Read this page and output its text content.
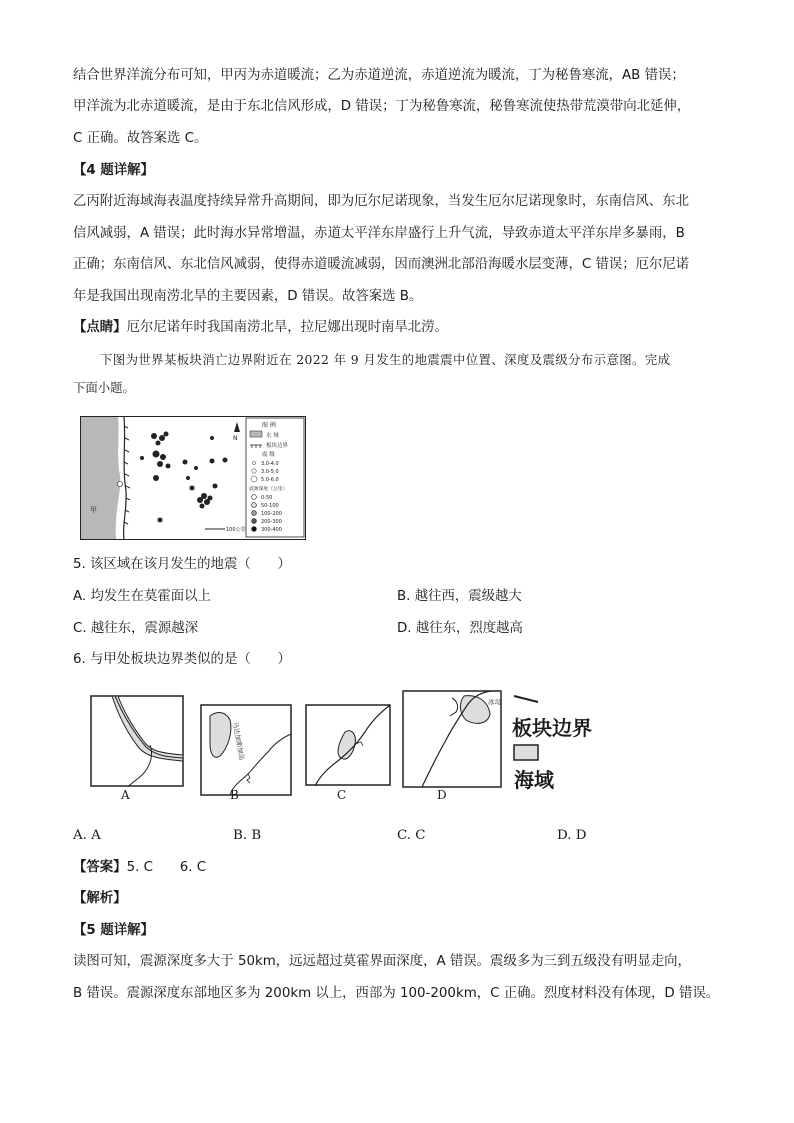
结合世界洋流分布可知，甲丙为赤道暖流；乙为赤道逆流，赤道逆流为暖流，丁为秘鲁寒流，AB 错误；
甲洋流为北赤道暖流，是由于东北信风形成，D 错误；丁为秘鲁寒流，秘鲁寒流使热带荒漠带向北延伸，
C 正确。故答案选 C。
【4 题详解】
乙丙附近海域海表温度持续异常升高期间，即为厄尔尼诺现象，当发生厄尔尼诺现象时，东南信风、东北
信风减弱，A 错误；此时海水异常增温，赤道太平洋东岸盛行上升气流，导致赤道太平洋东岸多暴雨，B
正确；东南信风、东北信风减弱，使得赤道暖流减弱，因而澳洲北部沿海暖水层变薄，C 错误；厄尔尼诺
年是我国出现南涝北旱的主要因素，D 错误。故答案选 B。
【点睛】厄尔尼诺年时我国南涝北旱，拉尼娜出现时南旱北涝。
下图为世界某板块消亡边界附近在 2022 年 9 月发生的地震震中位置、深度及震级分布示意图。完成
下面小题。
甲
N
100公里
图 例
水 域
板块边界
震 级
3.0-4.0
3.0-5.0
5.0-6.0
震源深度（公里）
0-50
50-100
100-200
200-300
300-400
5. 该区域在该月发生的地震（　　）
A. 均发生在莫霍面以上	B. 越往西，震级越大
C. 越往东，震源越深	D. 越往东，烈度越高
6. 与甲处板块边界类似的是（　　）
A
马达加斯加岛
B	C
冰岛
D
板块边界
海域
A. A	B. B	C. C	D. D
【答案】5. C　　6. C
【解析】
【5 题详解】
读图可知，震源深度多大于 50km，远远超过莫霍界面深度，A 错误。震级多为三到五级没有明显走向，
B 错误。震源深度东部地区多为 200km 以上，西部为 100-200km，C 正确。烈度材料没有体现，D 错误。
